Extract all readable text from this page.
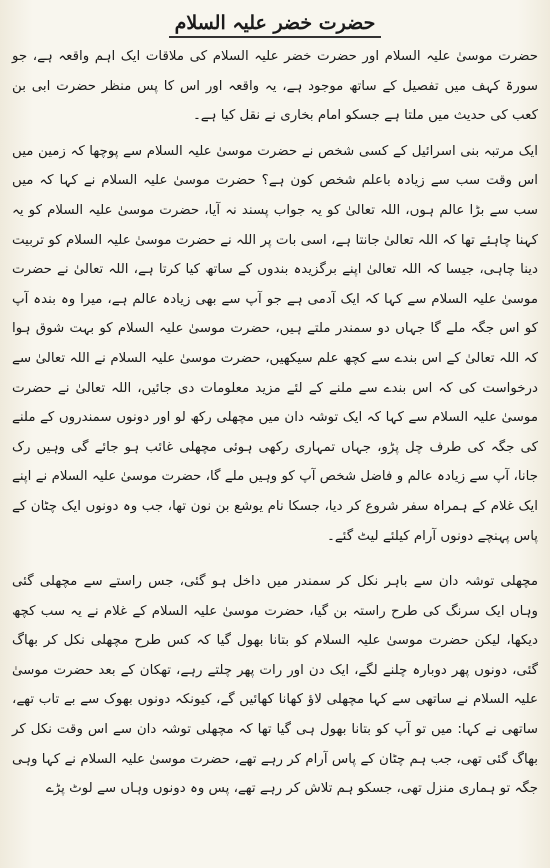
حضرت خضر علیہ السلام

حضرت موسیٰ علیہ السلام اور حضرت خضر علیہ السلام کی ملاقات ایک اہم واقعہ ہے، جو سورۃ کہف میں تفصیل کے ساتھ موجود ہے، یہ واقعہ اور اس کا پس منظر حضرت ابی بن کعب کی حدیث میں ملتا ہے جسکو امام بخاری نے نقل کیا ہے۔

ایک مرتبہ بنی اسرائیل کے کسی شخص نے حضرت موسیٰ علیہ السلام سے پوچھا کہ زمین میں اس وقت سب سے زیادہ باعلم شخص کون ہے؟ حضرت موسیٰ علیہ السلام نے کہا کہ میں سب سے بڑا عالم ہوں، اللہ تعالیٰ کو یہ جواب پسند نہ آیا، حضرت موسیٰ علیہ السلام کو یہ کہنا چاہئے تھا کہ اللہ تعالیٰ جانتا ہے، اسی بات پر اللہ نے حضرت موسیٰ علیہ السلام کو تربیت دینا چاہی، جیسا کہ اللہ تعالیٰ اپنے برگزیدہ بندوں کے ساتھ کیا کرتا ہے، اللہ تعالیٰ نے حضرت موسیٰ علیہ السلام سے کہا کہ ایک آدمی ہے جو آپ سے بھی زیادہ عالم ہے، میرا وہ بندہ آپ کو اس جگہ ملے گا جہاں دو سمندر ملتے ہیں، حضرت موسیٰ علیہ السلام کو بہت شوق ہوا کہ اللہ تعالیٰ کے اس بندے سے کچھ علم سیکھیں، حضرت موسیٰ علیہ السلام نے اللہ تعالیٰ سے درخواست کی کہ اس بندے سے ملنے کے لئے مزید معلومات دی جائیں، اللہ تعالیٰ نے حضرت موسیٰ علیہ السلام سے کہا کہ ایک توشہ دان میں مچھلی رکھ لو اور دونوں سمندروں کے ملنے کی جگہ کی طرف چل پڑو، جہاں تمہاری رکھی ہوئی مچھلی غائب ہو جائے گی وہیں رک جانا، آپ سے زیادہ عالم و فاضل شخص آپ کو وہیں ملے گا، حضرت موسیٰ علیہ السلام نے اپنے ایک غلام کے ہمراہ سفر شروع کر دیا، جسکا نام یوشع بن نون تھا، جب وہ دونوں ایک چٹان کے پاس پہنچے دونوں آرام کیلئے لیٹ گئے۔

مچھلی توشہ دان سے باہر نکل کر سمندر میں داخل ہو گئی، جس راستے سے مچھلی گئی وہاں ایک سرنگ کی طرح راستہ بن گیا، حضرت موسیٰ علیہ السلام کے غلام نے یہ سب کچھ دیکھا، لیکن حضرت موسیٰ علیہ السلام کو بتانا بھول گیا کہ کس طرح مچھلی نکل کر بھاگ گئی، دونوں پھر دوبارہ چلنے لگے، ایک دن اور رات پھر چلتے رہے، تھکان کے بعد حضرت موسیٰ علیہ السلام نے ساتھی سے کہا مچھلی لاؤ کھانا کھائیں گے، کیونکہ دونوں بھوک سے بے تاب تھے، ساتھی نے کہا: میں تو آپ کو بتانا بھول ہی گیا تھا کہ مچھلی توشہ دان سے اس وقت نکل کر بھاگ گئی تھی، جب ہم چٹان کے پاس آرام کر رہے تھے، حضرت موسیٰ علیہ السلام نے کہا وہی جگہ تو ہماری منزل تھی، جسکو ہم تلاش کر رہے تھے، پس وہ دونوں وہاں سے لوٹ پڑے
